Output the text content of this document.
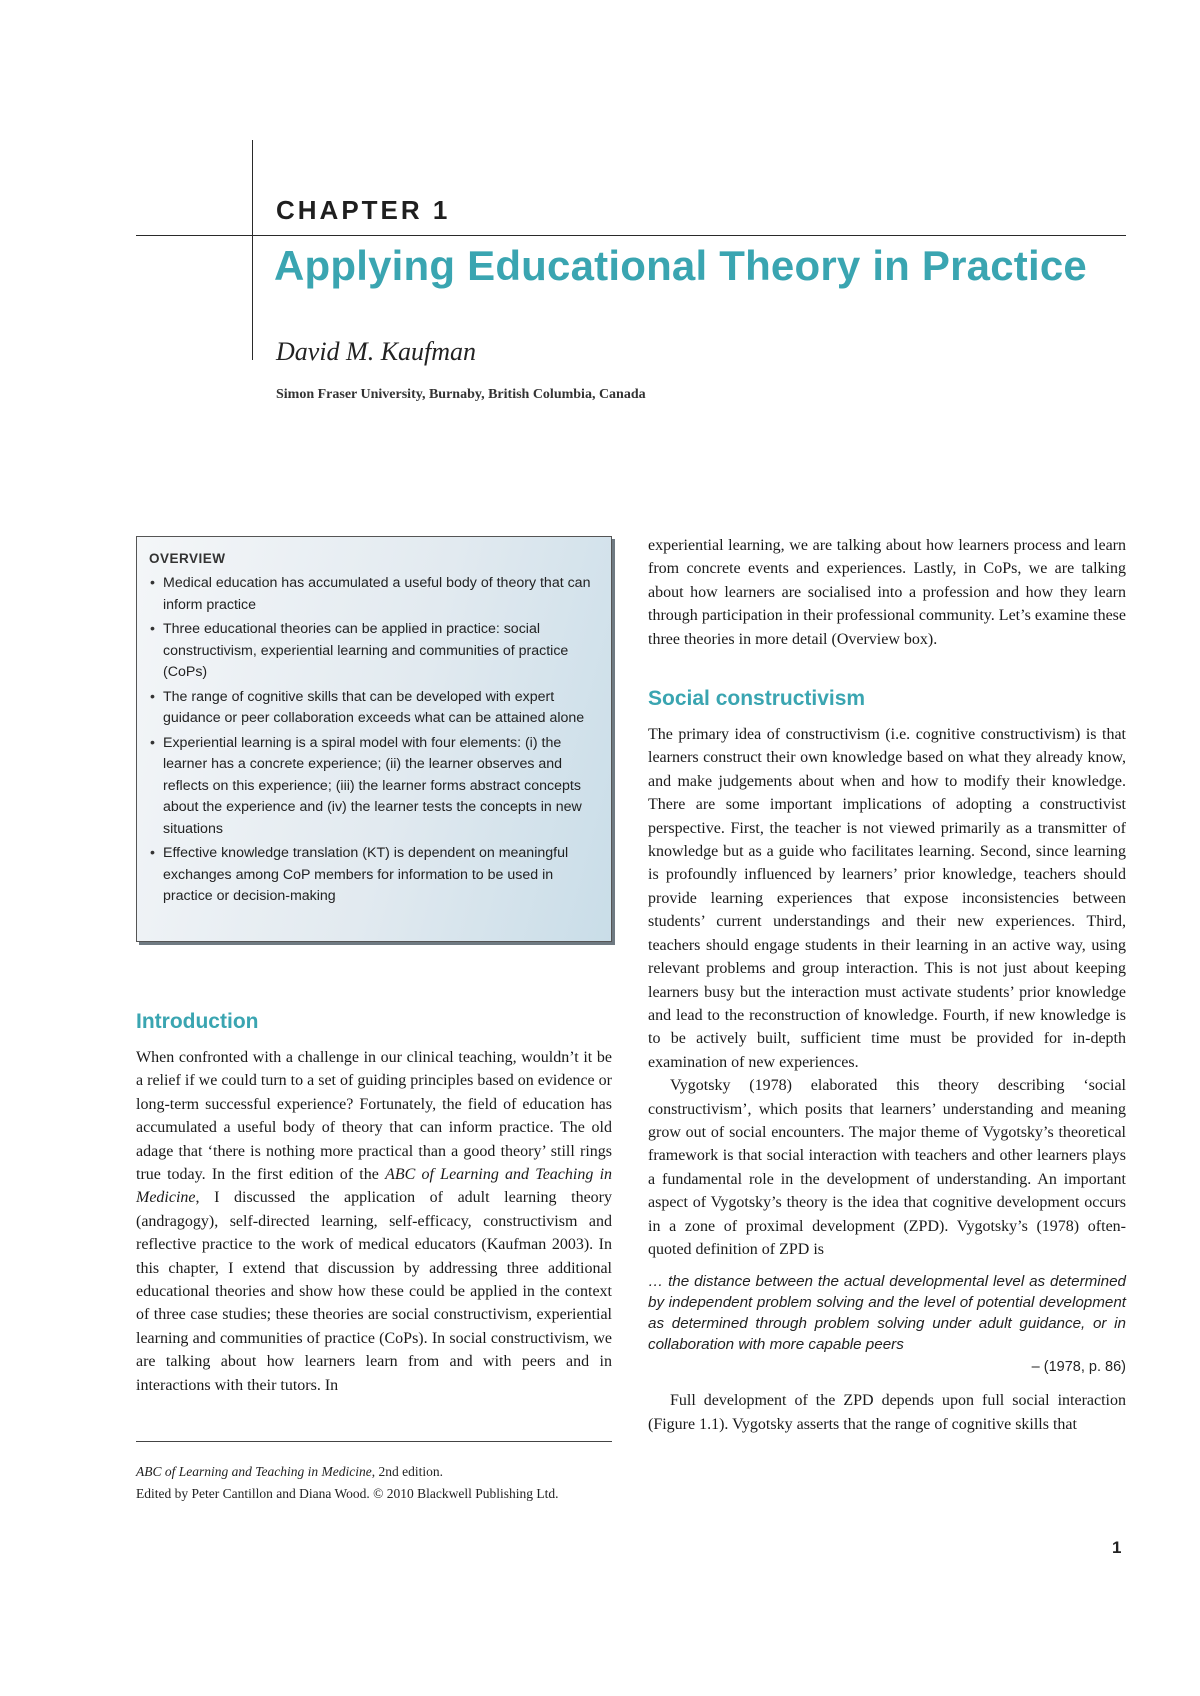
CHAPTER 1
Applying Educational Theory in Practice

David M. Kaufman

Simon Fraser University, Burnaby, British Columbia, Canada

OVERVIEW

• Medical education has accumulated a useful body of theory that can inform practice
• Three educational theories can be applied in practice: social constructivism, experiential learning and communities of practice (CoPs)
• The range of cognitive skills that can be developed with expert guidance or peer collaboration exceeds what can be attained alone
• Experiential learning is a spiral model with four elements: (i) the learner has a concrete experience; (ii) the learner observes and reflects on this experience; (iii) the learner forms abstract concepts about the experience and (iv) the learner tests the concepts in new situations
• Effective knowledge translation (KT) is dependent on meaningful exchanges among CoP members for information to be used in practice or decision-making
Introduction

When confronted with a challenge in our clinical teaching, wouldn’t it be a relief if we could turn to a set of guiding principles based on evidence or long-term successful experience? Fortunately, the field of education has accumulated a useful body of theory that can inform practice. The old adage that ‘there is nothing more practical than a good theory’ still rings true today. In the first edition of the ABC of Learning and Teaching in Medicine, I discussed the application of adult learning theory (andragogy), self-directed learning, self-efficacy, constructivism and reflective practice to the work of medical educators (Kaufman 2003). In this chapter, I extend that discussion by addressing three additional educational theories and show how these could be applied in the context of three case studies; these theories are social constructivism, experiential learning and communities of practice (CoPs). In social constructivism, we are talking about how learners learn from and with peers and in interactions with their tutors. In

experiential learning, we are talking about how learners process and learn from concrete events and experiences. Lastly, in CoPs, we are talking about how learners are socialised into a profession and how they learn through participation in their professional community. Let’s examine these three theories in more detail (Overview box).

Social constructivism

The primary idea of constructivism (i.e. cognitive constructivism) is that learners construct their own knowledge based on what they already know, and make judgements about when and how to modify their knowledge. There are some important implications of adopting a constructivist perspective. First, the teacher is not viewed primarily as a transmitter of knowledge but as a guide who facilitates learning. Second, since learning is profoundly influenced by learners’ prior knowledge, teachers should provide learning experiences that expose inconsistencies between students’ current understandings and their new experiences. Third, teachers should engage students in their learning in an active way, using relevant problems and group interaction. This is not just about keeping learners busy but the interaction must activate students’ prior knowledge and lead to the reconstruction of knowledge. Fourth, if new knowledge is to be actively built, sufficient time must be provided for in-depth examination of new experiences.

Vygotsky (1978) elaborated this theory describing ‘social constructivism’, which posits that learners’ understanding and meaning grow out of social encounters. The major theme of Vygotsky’s theoretical framework is that social interaction with teachers and other learners plays a fundamental role in the development of understanding. An important aspect of Vygotsky’s theory is the idea that cognitive development occurs in a zone of proximal development (ZPD). Vygotsky’s (1978) often-quoted definition of ZPD is

… the distance between the actual developmental level as determined by independent problem solving and the level of potential development as determined through problem solving under adult guidance, or in collaboration with more capable peers

– (1978, p. 86)

Full development of the ZPD depends upon full social interaction (Figure 1.1). Vygotsky asserts that the range of cognitive skills that

ABC of Learning and Teaching in Medicine, 2nd edition.
Edited by Peter Cantillon and Diana Wood. © 2010 Blackwell Publishing Ltd.

1
